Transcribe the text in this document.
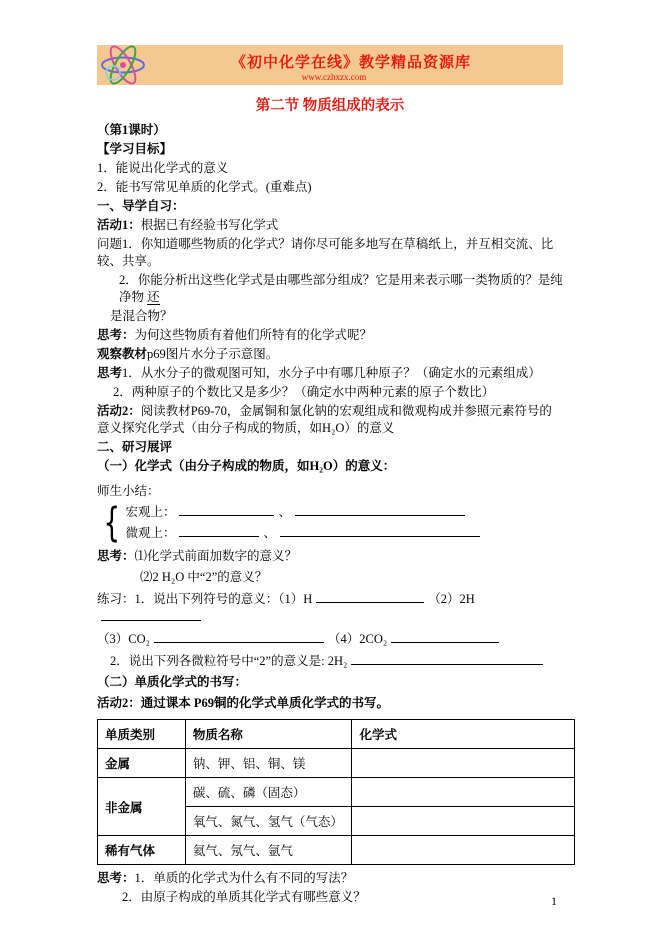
《初中化学在线》教学精品资源库
www.czhxzx.com
第二节 物质组成的表示

（第1课时）

【学习目标】

1．能说出化学式的意义

2．能书写常见单质的化学式。(重难点)

一、导学自习：

活动1：根据已有经验书写化学式

问题1．你知道哪些物质的化学式？请你尽可能多地写在草稿纸上，并互相交流、比较、共享。

2．你能分析出这些化学式是由哪些部分组成？它是用来表示哪一类物质的？是纯净物 还

是混合物？

思考：为何这些物质有着他们所特有的化学式呢？

观察教材p69图片水分子示意图。

思考1．从水分子的微观图可知，水分子中有哪几种原子？（确定水的元素组成）

2．两种原子的个数比又是多少？（确定水中两种元素的原子个数比）

活动2：阅读教材P69-70，金属铜和氯化钠的宏观组成和微观构成并参照元素符号的意义探究化学式（由分子构成的物质，如H₂O）的意义

二、研习展评

（一）化学式（由分子构成的物质，如H₂O）的意义：

师生小结：

{ 宏观上：	、

微观上：	、

思考：⑴化学式前面加数字的意义？

⑵2 H₂O 中“2”的意义？

练习：1．说出下列符号的意义：（1）H	（2）2H

（3）CO₂	（4）2CO₂

2．说出下列各微粒符号中“2”的意义是: 2H₂

（二）单质化学式的书写：

活动2：通过课本 P69铜的化学式单质化学式的书写。

单质类别	物质名称	化学式
金属	钠、钾、铝、铜、镁	
非金属	碳、硫、磷（固态）	
	氧气、氮气、氢气（气态）	
稀有气体	氦气、氖气、氩气	

思考：1．单质的化学式为什么有不同的写法？

2．由原子构成的单质其化学式有哪些意义？	1
